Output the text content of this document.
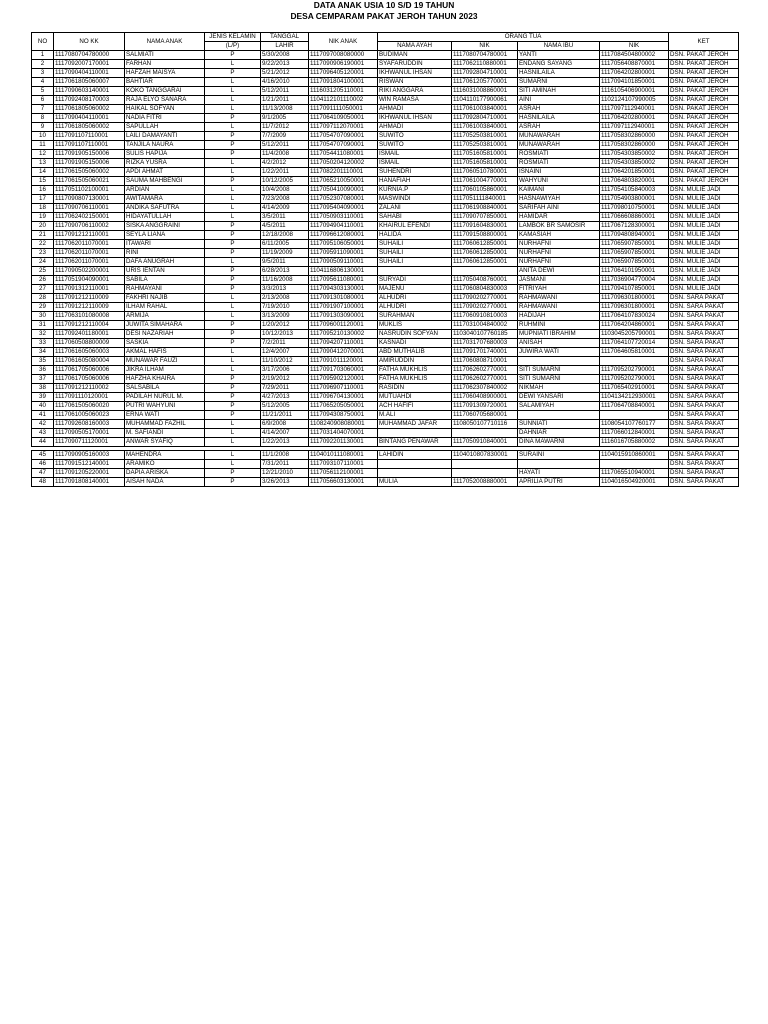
DATA ANAK USIA 10 S/D 19 TAHUN
DESA CEMPARAM PAKAT JEROH TAHUN 2023
NO	NO KK	NAMA ANAK	JENIS KELAMIN	TANGGAL	NIK ANAK	ORANG TUA				KET
			(L/P)	LAHIR		NAMA AYAH	NIK	NAMA IBU	NIK	
1	1117080704780000	SALMIATI	P	5/30/2008	1117097008080000	BUDIMAN	1117080704780001	YANTI	1117084504800002	DSN. PAKAT JEROH
2	1117092007170001	FARHAN	L	9/22/2013	1117090906190001	SYAFARUDDIN	1117062110880001	ENDANG SAYANG	1117056408870001	DSN. PAKAT JEROH
3	1117090404110001	HAFZAH MAISYA	P	5/21/2012	1117096405120001	IKHWANUL IHSAN	1117092804710001	HASNILAILA	1117064202800001	DSN. PAKAT JEROH
4	1117061805060007	BAHTIAR	L	4/16/2010	1117091804100001	RISWAN	1117061205770001	SUMARNI	1117094101850001	DSN. PAKAT JEROH
5	1117090603140001	KOKO TANGGARAI	L	5/12/2011	1116031205110001	RIKI ANGGARA	1116031008860001	SITI AMINAH	1116105406900001	DSN. PAKAT JEROH
6	1117092408170003	RAJA ELYO SANARA	L	1/21/2011	1104112101110002	WIN RAMASA	1104110177900061	AINI	1102124107990005	DSN. PAKAT JEROH
7	1117061805060002	HAIKAL SOFYAN	L	11/13/2008	1117091111050001	AHMADI	1117061003840001	ASRAH	1117097112940001	DSN. PAKAT JEROH
8	1117090404110001	NADIA FITRI	P	9/1/2005	1117064109050001	IKHWANUL IHSAN	1117092804710001	HASNILAILA	1117064202800001	DSN. PAKAT JEROH
9	1117061805060002	SAPULLAH	L	11/7/2012	1117097112070001	AHMADI	1117061003840001	ASRAH	1117097112940001	DSN. PAKAT JEROH
10	1117091107110001	LAILI DAMAYANTI	P	7/7/2009	1117054707090001	SUWITO	1117052503810001	MUNAWARAH	1117058302860000	DSN. PAKAT JEROH
11	1117091107110001	TANJILA NAURA	P	5/12/2011	1117054707090001	SUWITO	1117052503810001	MUNAWARAH	1117058302860000	DSN. PAKAT JEROH
12	1117091905150006	SULIS HAPIJA	P	11/4/2008	1117054411080001	ISMAIL	1117051605810001	ROSMIATI	1117054303850002	DSN. PAKAT JEROH
13	1117091905150006	RIZKA YUSRA	L	4/2/2012	1117050204120002	ISMAIL	1117051605810001	ROSMIATI	1117054303850002	DSN. PAKAT JEROH
14	1117061505060002	APDI AHMAT	L	1/22/2011	1117082201110001	SUHENDRI	1117060510780001	ISNAINI	1117064201850001	DSN. PAKAT JEROH
15	1117061505060021	SAUMA MAHBENGI	P	10/12/2005	1117065210050001	HANAFIAH	1117061004770001	WAHYUNI	1117064803820001	DSN. PAKAT JEROH
16	1117051102100001	ARDIAN	L	10/4/2008	1117050410090001	KURNIA.P	1117060105860001	KAIMANI	1117054105840003	DSN. MULIE JADI
17	1117090807130001	AWITAMARA	L	7/23/2008	1117052307080001	MASWINDI	1117051111840001	HASNAWIYAH	1117054903800001	DSN. MULIE JADI
18	1117090706110001	ANDIKA SAFUTRA	L	4/14/2009	1117095404090001	ZALANI	1117061908840001	SARIFAH AINI	1117098010750001	DSN. MULIE JADI
19	1117062402150001	HIDAYATULLAH	L	3/5/2011	1117050903110001	SAHABI	1117090707850001	HAMIDAR	1117066608860001	DSN. MULIE JADI
20	1117090706110002	SISKA ANGGRAINI	P	4/5/2011	1117094904110001	KHAIRUL EFENDI	1117091604830001	LAMBOK BR SAMOSIR	1117067128300001	DSN. MULIE JADI
21	1117091212110001	SEYLA LIANA	P	12/18/2008	1117096612080001	HALIDA	1117091508800001	KAMASIAH	1117094808940001	DSN. MULIE JADI
22	1117062011070001	ITAWARI	P	6/11/2005	1117095106050001	SUHAILI	1117060612850001	NURHAFNI	1117065907850001	DSN. MULIE JADI
23	1117062011070001	RINI	P	11/19/2009	1117095911090001	SUHAILI	1117060612850001	NURHAFNI	1117065907850001	DSN. MULIE JADI
24	1117062011070001	DAFA ANUGRAH	L	9/5/2011	1117090509110001	SUHAILI	1117060612850001	NURHAFNI	1117065907850001	DSN. MULIE JADI
25	1117090502200001	URIS IENTAN	P	6/28/2013	1104116806130001			ANITA DEWI	1117064101950001	DSN. MULIE JADI
26	1117051904090001	SABILA	P	11/16/2008	1117095611080001	SURYADI	1117050408760001	JASMANI	1117036904770004	DSN. MULIE JADI
27	1117091312110001	RAHMAYANI	P	3/3/2013	1117094303130001	MAJENU	1117060804830003	FITRIYAH	1117094107850001	DSN. MULIE JADI
28	1117091212110009	FAKHRI NAJIB	L	2/13/2008	1117091301080001	ALHUDRI	1117090202770001	RAHMAWANI	1117096301800001	DSN. SARA PAKAT
29	1117091212110009	ILHAM RAHAL	L	7/19/2010	1117091907100001	ALHUDRI	1117090202770001	RAHMAWANI	1117096301800001	DSN. SARA PAKAT
30	1117063101080008	ARMIJA	L	3/13/2009	1117091303090001	SURAHMAN	1117060910810003	HADIJAH	1117064107830024	DSN. SARA PAKAT
31	1117091212110004	JUWITA SIMAHARA	P	1/20/2012	1117096001120001	MUKLIS	1117031004840002	RUHMINI	1117064204860001	DSN. SARA PAKAT
32	1117092401180001	DESI NAZARIAH	P	10/12/2013	1117095210130002	NASRUDIN SOFYAN	1103040107760185	MUPNIATI IBRAHIM	1103045205790001	DSN. SARA PAKAT
33	1117060508800009	SASKIA	P	7/2/2011	1117094207110001	KASNADI	1117031707680003	ANISAH	1117064107720014	DSN. SARA PAKAT
34	1117061605060003	AKMAL HAFIS	L	12/4/2007	1117090412070001	ABD MUTHALIB	1117091701740001	JUWIRA WATI	1117064605810001	DSN. SARA PAKAT
35	1117061605080004	MUNAWAR FAUZI	L	11/10/2012	1117091011120001	AMIRUDDIN	1117060808710001			DSN. SARA PAKAT
36	1117061705060006	JIKRA ILHAM	L	3/17/2006	1117091703060001	FATHA MUKHLIS	1117062602770001	SITI SUMARNI	1117095202790001	DSN. SARA PAKAT
37	1117061705060006	HAFZHA KHAIRA	P	2/19/2012	1117095902120001	FATHA MUKHLIS	1117062602770001	SITI SUMARNI	1117095202790001	DSN. SARA PAKAT
38	1117091212110002	SALSABILA	P	7/29/2011	1117096907110001	RASIDIN	1117062307840002	NIKMAH	1117065402910001	DSN. SARA PAKAT
39	1117091110120001	PADILAH NURUL M.	P	4/27/2013	1117096704130001	MUTUAHDI	1117060408900001	DEWI YANSARI	1104134212930001	DSN. SARA PAKAT
40	1117061505060020	PUTRI WAHYUNI	P	5/12/2005	1117065205050001	ACH HAFIFI	1117091309720001	SALAMIYAH	1117064708840001	DSN. SARA PAKAT
41	1117061005060023	ERNA WATI	P	11/21/2011	1117094308750001	M.ALI	1117060705680001			DSN. SARA PAKAT
42	1117092608160003	MUHAMMAD FAZHIL	L	6/9/2008	1108240908080001	MUHAMMAD JAFAR	1108050107710116	SUNNIATI	1108054107760177	DSN. SARA PAKAT
43	1117090505170001	M. SAFIANDI	L	4/14/2007	1117031404070001			DAHNIAR	1117066012840001	DSN. SARA PAKAT
44	1117090711120001	ANWAR SYAFIQ	L	1/22/2013	1117092201130001	BINTANG PENAWAR	1117050910840001	DINA MAWARNI	1116016705880002	DSN. SARA PAKAT

45	1117090905160003	MAHENDRA	L	11/1/2008	1104010111080001	LAHIDIN	1104010807830001	SURAINI	1104015910860001	DSN. SARA PAKAT
46	1117091512140001	ARAMIKO	L	7/31/2011	1117093107110001					DSN. SARA PAKAT
47	1117091205220001	DAPIA ARISKA	P	12/21/2010	1117056112100001			HAYATI	1117065510940001	DSN. SARA PAKAT
48	1117091808140001	AISAH NADA	P	3/26/2013	1117056603130001	MULIA	1117052008880001	APRILIA PUTRI	1104016504920001	DSN. SARA PAKAT
